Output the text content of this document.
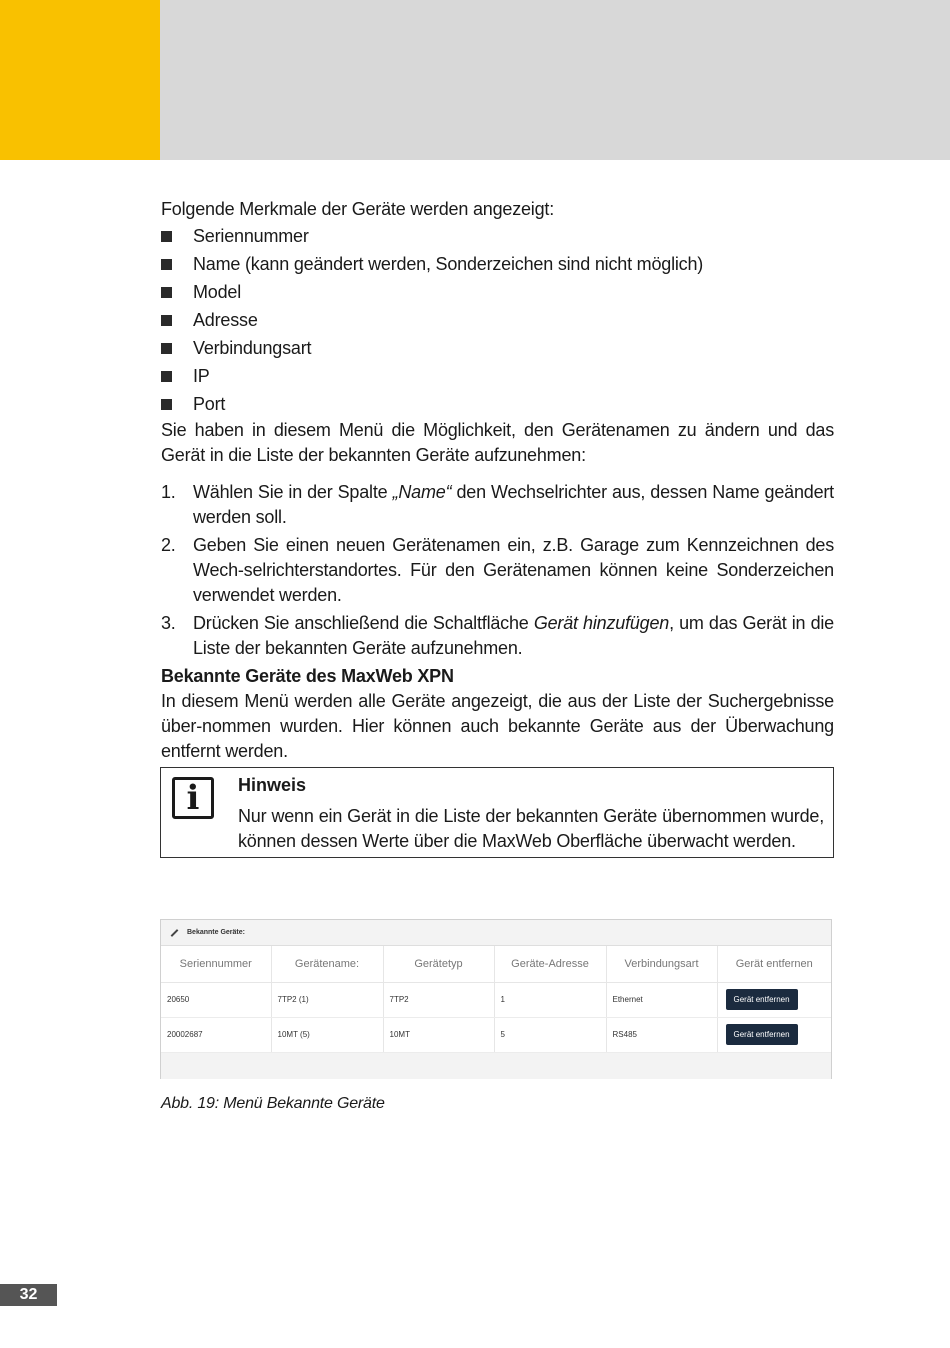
Folgende Merkmale der Geräte werden angezeigt:

Seriennummer
Name (kann geändert werden, Sonderzeichen sind nicht möglich)
Model
Adresse
Verbindungsart
IP
Port

Sie haben in diesem Menü die Möglichkeit, den Gerätenamen zu ändern und das Gerät in die Liste der bekannten Geräte aufzunehmen:

1. Wählen Sie in der Spalte „Name“ den Wechselrichter aus, dessen Name geändert werden soll.
2. Geben Sie einen neuen Gerätenamen ein, z.B. Garage zum Kennzeichnen des Wech-selrichterstandortes. Für den Gerätenamen können keine Sonderzeichen verwendet werden.
3. Drücken Sie anschließend die Schaltfläche Gerät hinzufügen, um das Gerät in die Liste der bekannten Geräte aufzunehmen.

Bekannte Geräte des MaxWeb XPN

In diesem Menü werden alle Geräte angezeigt, die aus der Liste der Suchergebnisse über-nommen wurden. Hier können auch bekannte Geräte aus der Überwachung entfernt werden.

i	Hinweis
Nur wenn ein Gerät in die Liste der bekannten Geräte übernommen wurde, können dessen Werte über die MaxWeb Oberfläche überwacht werden.
Bekannte Geräte:
Seriennummer	Gerätename:	Gerätetyp	Geräte-Adresse	Verbindungsart	Gerät entfernen
20650	7TP2 (1)	7TP2	1	Ethernet	Gerät entfernen
20002687	10MT (5)	10MT	5	RS485	Gerät entfernen
Abb. 19: Menü Bekannte Geräte
32
